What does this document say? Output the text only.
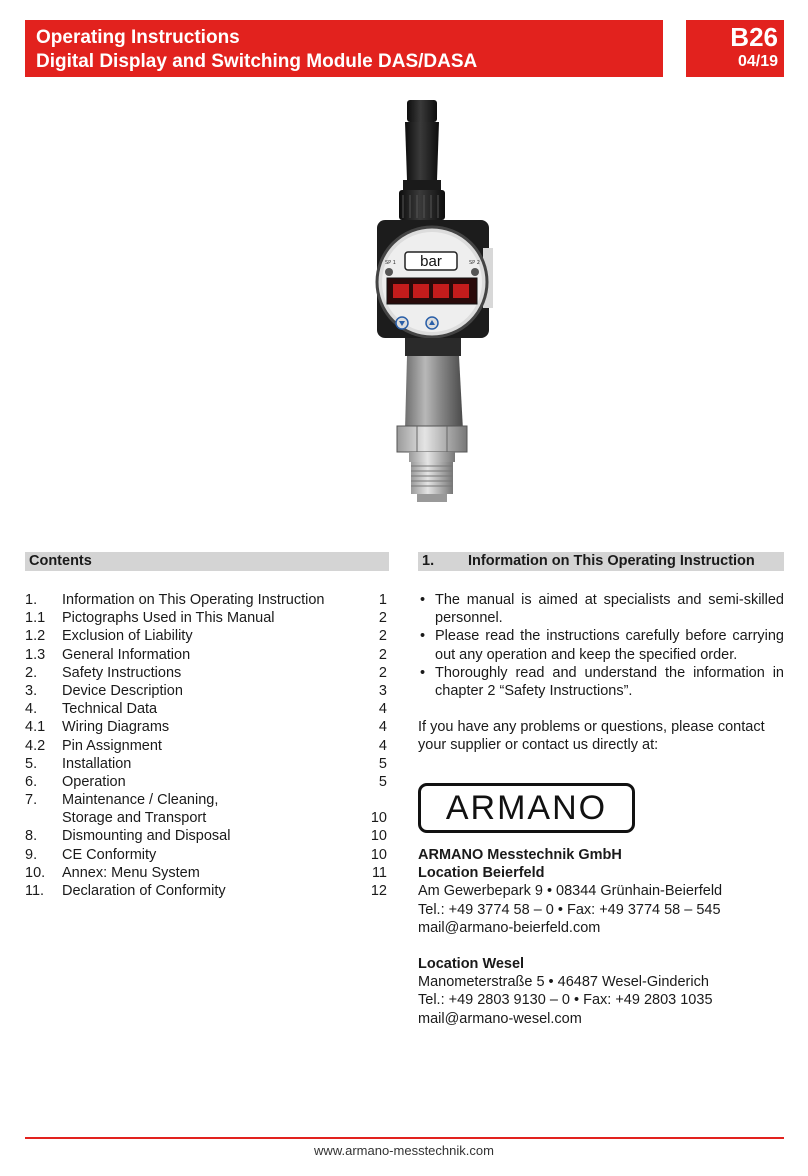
Operating Instructions
Digital Display and Switching Module DAS/DASA
B26
04/19
SP 1	SP 2
bar
Contents
1. Information on This Operating Instruction	1
1.1 Pictographs Used in This Manual	2
1.2 Exclusion of Liability	2
1.3 General Information	2
2. Safety Instructions	2
3. Device Description	3
4. Technical Data	4
4.1 Wiring Diagrams	4
4.2 Pin Assignment	4
5. Installation	5
6. Operation	5
7. Maintenance / Cleaning,
Storage and Transport	10
8. Dismounting and Disposal	10
9. CE Conformity	10
10. Annex: Menu System	11
11. Declaration of Conformity	12
1. Information on This Operating Instruction
• The manual is aimed at specialists and semi-skilled personnel.
• Please read the instructions carefully before carrying out any operation and keep the specified order.
• Thoroughly read and understand the information in chapter 2 “Safety Instructions”.
If you have any problems or questions, please contact your supplier or contact us directly at:
ARMANO
ARMANO Messtechnik GmbH
Location Beierfeld
Am Gewerbepark 9 • 08344 Grünhain-Beierfeld
Tel.: +49 3774 58 – 0 • Fax: +49 3774 58 – 545
mail@armano-beierfeld.com
Location Wesel
Manometerstraße 5 • 46487 Wesel-Ginderich
Tel.: +49 2803 9130 – 0 • Fax: +49 2803 1035
mail@armano-wesel.com
www.armano-messtechnik.com
